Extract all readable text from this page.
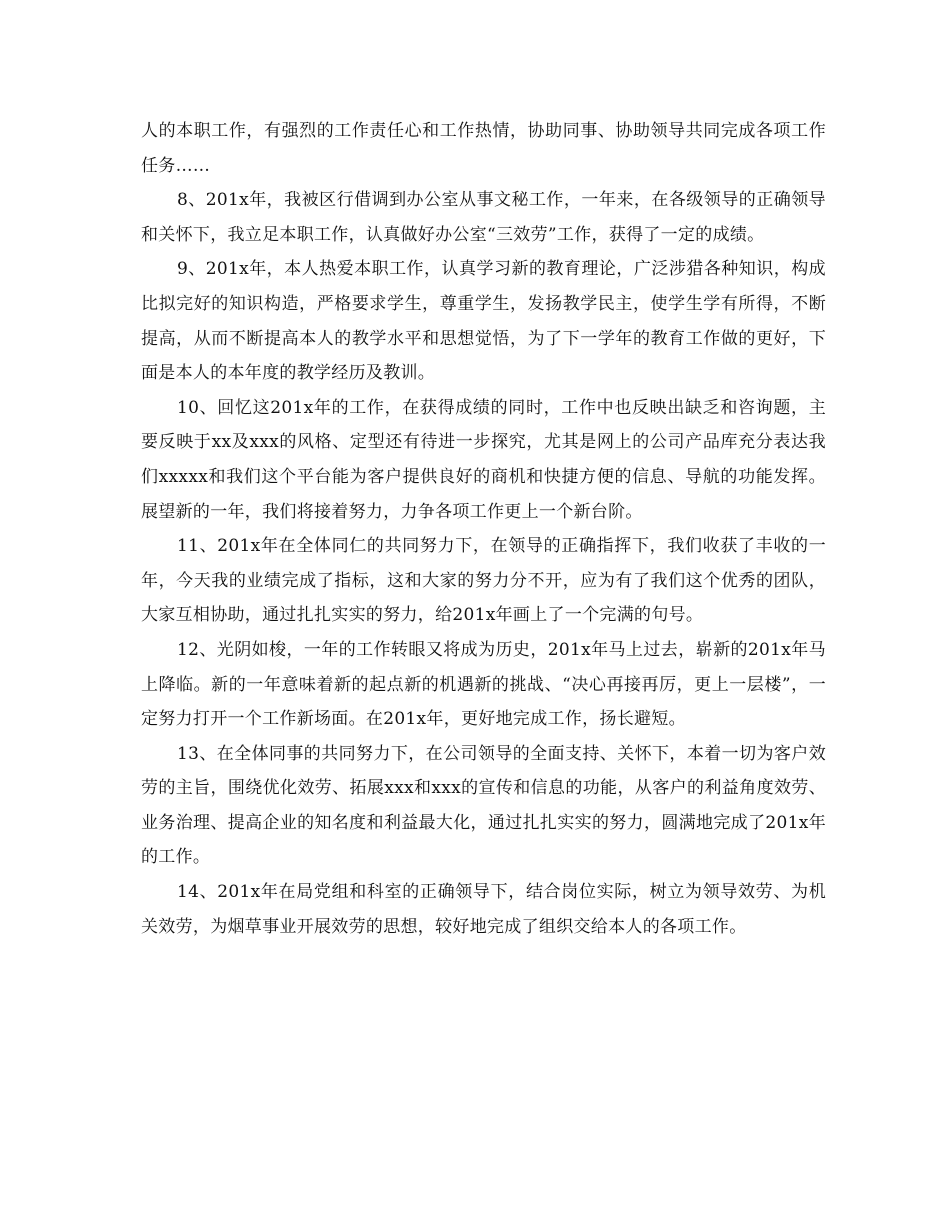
人的本职工作，有强烈的工作责任心和工作热情，协助同事、协助领导共同完成各项工作任务……

8、201x年，我被区行借调到办公室从事文秘工作，一年来，在各级领导的正确领导和关怀下，我立足本职工作，认真做好办公室“三效劳”工作，获得了一定的成绩。

9、201x年，本人热爱本职工作，认真学习新的教育理论，广泛涉猎各种知识，构成比拟完好的知识构造，严格要求学生，尊重学生，发扬教学民主，使学生学有所得，不断提高，从而不断提高本人的教学水平和思想觉悟，为了下一学年的教育工作做的更好，下面是本人的本年度的教学经历及教训。

10、回忆这201x年的工作，在获得成绩的同时，工作中也反映出缺乏和咨询题，主要反映于xx及xxx的风格、定型还有待进一步探究，尤其是网上的公司产品库充分表达我们xxxxx和我们这个平台能为客户提供良好的商机和快捷方便的信息、导航的功能发挥。展望新的一年，我们将接着努力，力争各项工作更上一个新台阶。

11、201x年在全体同仁的共同努力下，在领导的正确指挥下，我们收获了丰收的一年，今天我的业绩完成了指标，这和大家的努力分不开，应为有了我们这个优秀的团队，大家互相协助，通过扎扎实实的努力，给201x年画上了一个完满的句号。

12、光阴如梭，一年的工作转眼又将成为历史，201x年马上过去，崭新的201x年马上降临。新的一年意味着新的起点新的机遇新的挑战、“决心再接再厉，更上一层楼”，一定努力打开一个工作新场面。在201x年，更好地完成工作，扬长避短。

13、在全体同事的共同努力下，在公司领导的全面支持、关怀下，本着一切为客户效劳的主旨，围绕优化效劳、拓展xxx和xxx的宣传和信息的功能，从客户的利益角度效劳、业务治理、提高企业的知名度和利益最大化，通过扎扎实实的努力，圆满地完成了201x年的工作。

14、201x年在局党组和科室的正确领导下，结合岗位实际，树立为领导效劳、为机关效劳，为烟草事业开展效劳的思想，较好地完成了组织交给本人的各项工作。
